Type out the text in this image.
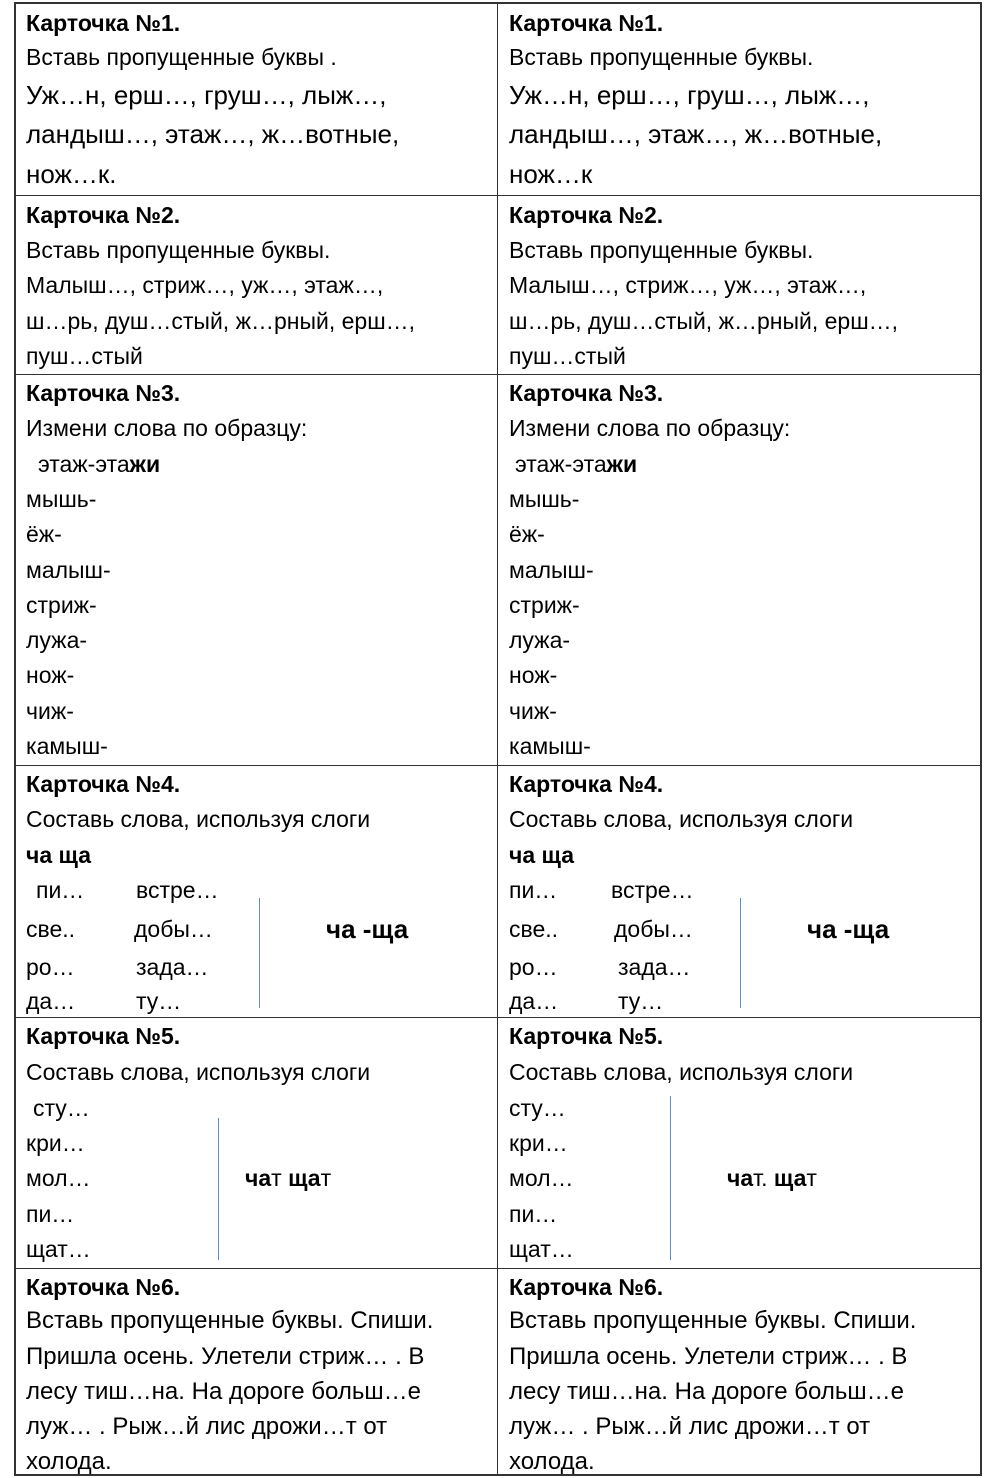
Карточка №1.
Вставь пропущенные буквы .
Уж…н, ерш…, груш…, лыж…,
ландыш…, этаж…, ж…вотные,
нож…к.
Карточка №1.
Вставь пропущенные буквы.
Уж…н, ерш…, груш…, лыж…,
ландыш…, этаж…, ж…вотные,
нож…к
Карточка №2.
Вставь пропущенные буквы.
Малыш…, стриж…, уж…, этаж…,
ш…рь, душ…стый, ж…рный, ерш…,
пуш…стый
Карточка №2.
Вставь пропущенные буквы.
Малыш…, стриж…, уж…, этаж…,
ш…рь, душ…стый, ж…рный, ерш…,
пуш…стый
Карточка №3.
Измени слова по образцу:
этаж-этажи
мышь-
ёж-
малыш-
стриж-
лужа-
нож-
чиж-
камыш-
Карточка №3.
Измени слова по образцу:
этаж-этажи
мышь-
ёж-
малыш-
стриж-
лужа-
нож-
чиж-
камыш-
Карточка №4.
Составь слова, используя слоги
ча ща
пи…
све..
ро…
да…
встре…
добы…
зада…
ту…
ча -ща
Карточка №4.
Составь слова, используя слоги
ча ща
пи…
све..
ро…
да…
встре…
добы…
зада…
ту…
ча -ща
Карточка №5.
Составь слова, используя слоги
сту…
кри…
мол…
пи…
щат…
чат щат
Карточка №5.
Составь слова, используя слоги
сту…
кри…
мол…
пи…
щат…
чат. щат
Карточка №6.
Вставь пропущенные буквы. Спиши.
Пришла осень. Улетели стриж… . В
лесу тиш…на. На дороге больш…е
луж… . Рыж…й лис дрожи…т от
холода.
Карточка №6.
Вставь пропущенные буквы. Спиши.
Пришла осень. Улетели стриж… . В
лесу тиш…на. На дороге больш…е
луж… . Рыж…й лис дрожи…т от
холода.
